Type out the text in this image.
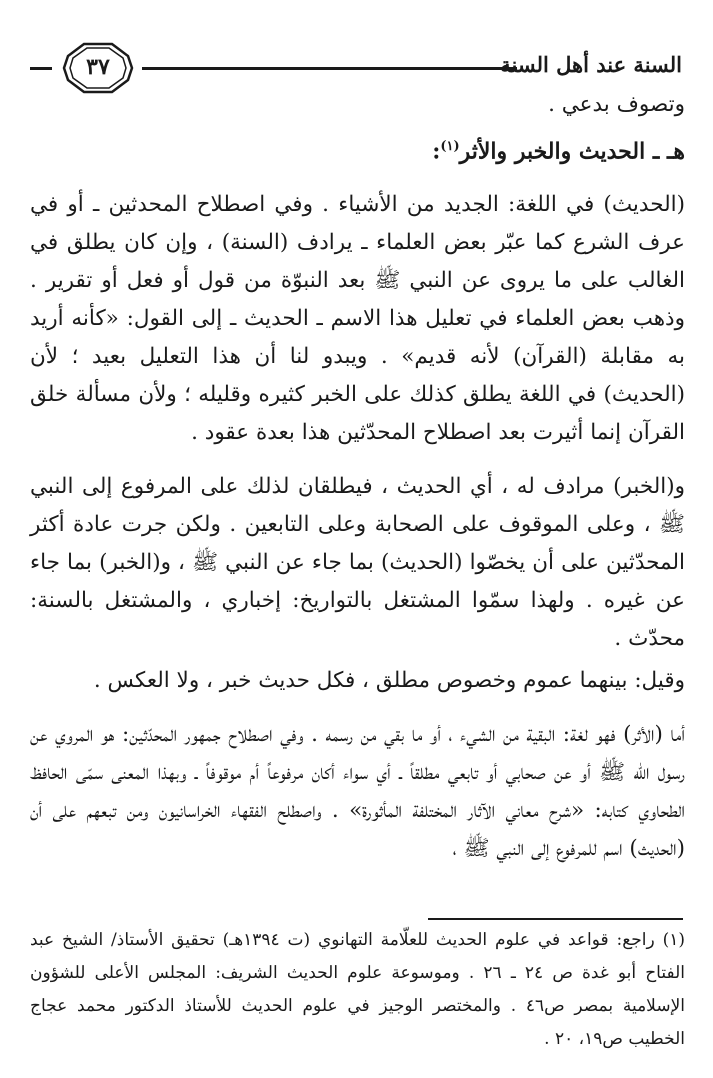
٣٧	السنة عند أهل السنة

وتصوف بدعي .

هـ ـ الحديث والخبر والأثر$^{(١)}$:

(الحديث) في اللغة: الجديد من الأشياء . وفي اصطلاح المحدثين ـ أو في عرف الشرع كما عبّر بعض العلماء ـ يرادف (السنة) ، وإن كان يطلق في الغالب على ما يروى عن النبي ﷺ بعد النبوّة من قول أو فعل أو تقرير . وذهب بعض العلماء في تعليل هذا الاسم ـ الحديث ـ إلى القول: «كأنه أريد به مقابلة (القرآن) لأنه قديم» . ويبدو لنا أن هذا التعليل بعيد ؛ لأن (الحديث) في اللغة يطلق كذلك على الخبر كثيره وقليله ؛ ولأن مسألة خلق القرآن إنما أثيرت بعد اصطلاح المحدّثين هذا بعدة عقود .

و(الخبر) مرادف له ، أي الحديث ، فيطلقان لذلك على المرفوع إلى النبي ﷺ ، وعلى الموقوف على الصحابة وعلى التابعين . ولكن جرت عادة أكثر المحدّثين على أن يخصّوا (الحديث) بما جاء عن النبي ﷺ ، و(الخبر) بما جاء عن غيره . ولهذا سمّوا المشتغل بالتواريخ: إخباري ، والمشتغل بالسنة: محدّث .

وقيل: بينهما عموم وخصوص مطلق ، فكل حديث خبر ، ولا العكس .

أما (الأثر) فهو لغة: البقية من الشيء ، أو ما بقي من رسمه . وفي اصطلاح جمهور المحدّثين: هو المروي عن رسول الله ﷺ أو عن صحابي أو تابعي مطلقاً ـ أي سواء أكان مرفوعاً أم موقوفاً ـ وبهذا المعنى سمّى الحافظ الطحاوي كتابه: «شرح معاني الآثار المختلفة المأثورة» . واصطلح الفقهاء الخراسانيون ومن تبعهم على أن (الحديث) اسم للمرفوع إلى النبي ﷺ ،

(١) راجع: قواعد في علوم الحديث للعلّامة التهانوي (ت ١٣٩٤هـ) تحقيق الأستاذ/ الشيخ عبد الفتاح أبو غدة ص ٢٤ ـ ٢٦ . وموسوعة علوم الحديث الشريف: المجلس الأعلى للشؤون الإسلامية بمصر ص٤٦ . والمختصر الوجيز في علوم الحديث للأستاذ الدكتور محمد عجاج الخطيب ص١٩، ٢٠ .
